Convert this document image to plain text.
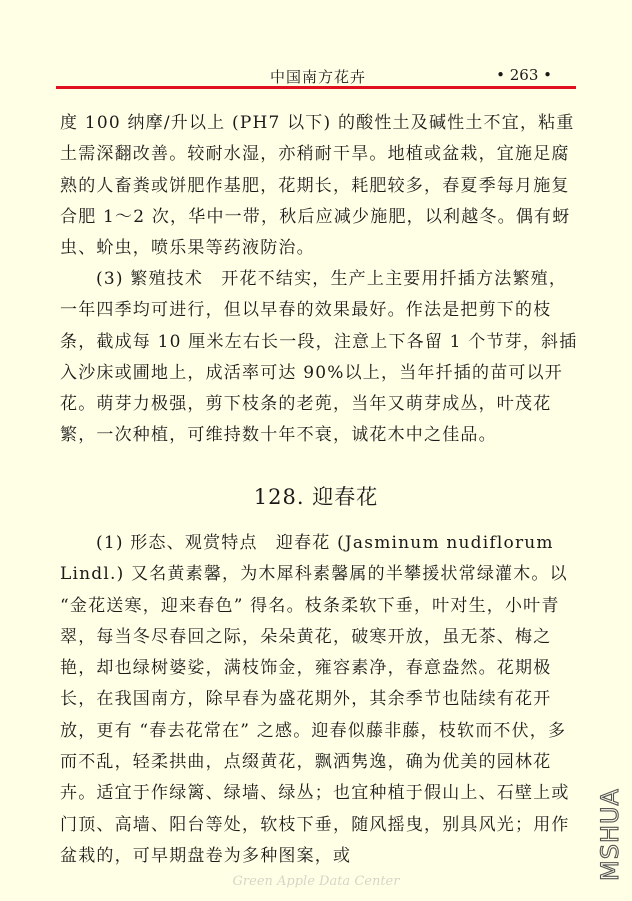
中国南方花卉	• 263 •

度 100 纳摩/升以上 (PH7 以下) 的酸性土及碱性土不宜，粘重土需深翻改善。较耐水湿，亦稍耐干旱。地植或盆栽，宜施足腐熟的人畜粪或饼肥作基肥，花期长，耗肥较多，春夏季每月施复合肥 1～2 次，华中一带，秋后应减少施肥，以利越冬。偶有蚜虫、蚧虫，喷乐果等药液防治。

(3) 繁殖技术　开花不结实，生产上主要用扦插方法繁殖，一年四季均可进行，但以早春的效果最好。作法是把剪下的枝条，截成每 10 厘米左右长一段，注意上下各留 1 个节芽，斜插入沙床或圃地上，成活率可达 90%以上，当年扦插的苗可以开花。萌芽力极强，剪下枝条的老蔸，当年又萌芽成丛，叶茂花繁，一次种植，可维持数十年不衰，诚花木中之佳品。

128. 迎春花

(1) 形态、观赏特点　迎春花 (Jasminum nudiflorum Lindl.) 又名黄素馨，为木犀科素馨属的半攀援状常绿灌木。以 “金花送寒，迎来春色” 得名。枝条柔软下垂，叶对生，小叶青翠，每当冬尽春回之际，朵朵黄花，破寒开放，虽无茶、梅之艳，却也绿树婆娑，满枝饰金，雍容素净，春意盎然。花期极长，在我国南方，除早春为盛花期外，其余季节也陆续有花开放，更有 “春去花常在” 之感。迎春似藤非藤，枝软而不伏，多而不乱，轻柔拱曲，点缀黄花，飘洒隽逸，确为优美的园林花卉。适宜于作绿篱、绿墙、绿丛；也宜种植于假山上、石壁上或门顶、高墙、阳台等处，软枝下垂，随风摇曳，别具风光；用作盆栽的，可早期盘卷为多种图案，或

Green Apple Data Center
MSHUA
